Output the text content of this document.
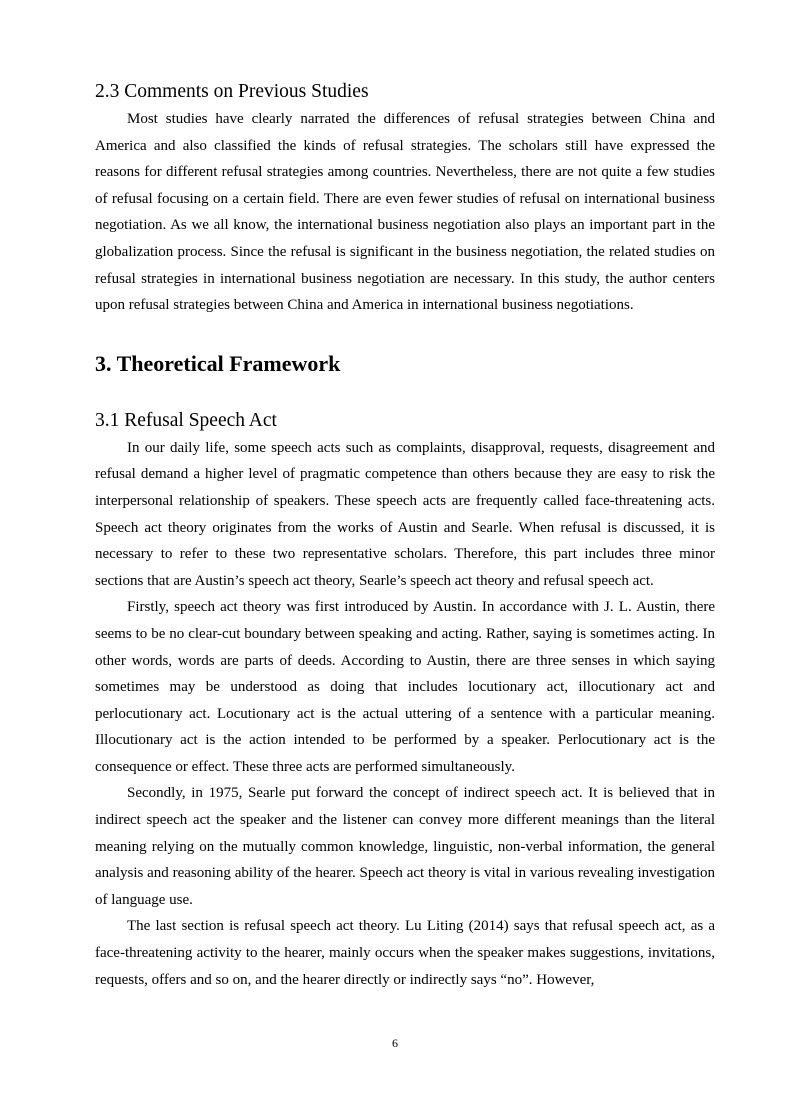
2.3 Comments on Previous Studies

Most studies have clearly narrated the differences of refusal strategies between China and America and also classified the kinds of refusal strategies. The scholars still have expressed the reasons for different refusal strategies among countries. Nevertheless, there are not quite a few studies of refusal focusing on a certain field. There are even fewer studies of refusal on international business negotiation. As we all know, the international business negotiation also plays an important part in the globalization process. Since the refusal is significant in the business negotiation, the related studies on refusal strategies in international business negotiation are necessary. In this study, the author centers upon refusal strategies between China and America in international business negotiations.

3. Theoretical Framework
3.1 Refusal Speech Act

In our daily life, some speech acts such as complaints, disapproval, requests, disagreement and refusal demand a higher level of pragmatic competence than others because they are easy to risk the interpersonal relationship of speakers. These speech acts are frequently called face-threatening acts. Speech act theory originates from the works of Austin and Searle. When refusal is discussed, it is necessary to refer to these two representative scholars. Therefore, this part includes three minor sections that are Austin’s speech act theory, Searle’s speech act theory and refusal speech act.

Firstly, speech act theory was first introduced by Austin. In accordance with J. L. Austin, there seems to be no clear-cut boundary between speaking and acting. Rather, saying is sometimes acting. In other words, words are parts of deeds. According to Austin, there are three senses in which saying sometimes may be understood as doing that includes locutionary act, illocutionary act and perlocutionary act. Locutionary act is the actual uttering of a sentence with a particular meaning. Illocutionary act is the action intended to be performed by a speaker. Perlocutionary act is the consequence or effect. These three acts are performed simultaneously.

Secondly, in 1975, Searle put forward the concept of indirect speech act. It is believed that in indirect speech act the speaker and the listener can convey more different meanings than the literal meaning relying on the mutually common knowledge, linguistic, non-verbal information, the general analysis and reasoning ability of the hearer. Speech act theory is vital in various revealing investigation of language use.

The last section is refusal speech act theory. Lu Liting (2014) says that refusal speech act, as a face-threatening activity to the hearer, mainly occurs when the speaker makes suggestions, invitations, requests, offers and so on, and the hearer directly or indirectly says “no”. However,

6
